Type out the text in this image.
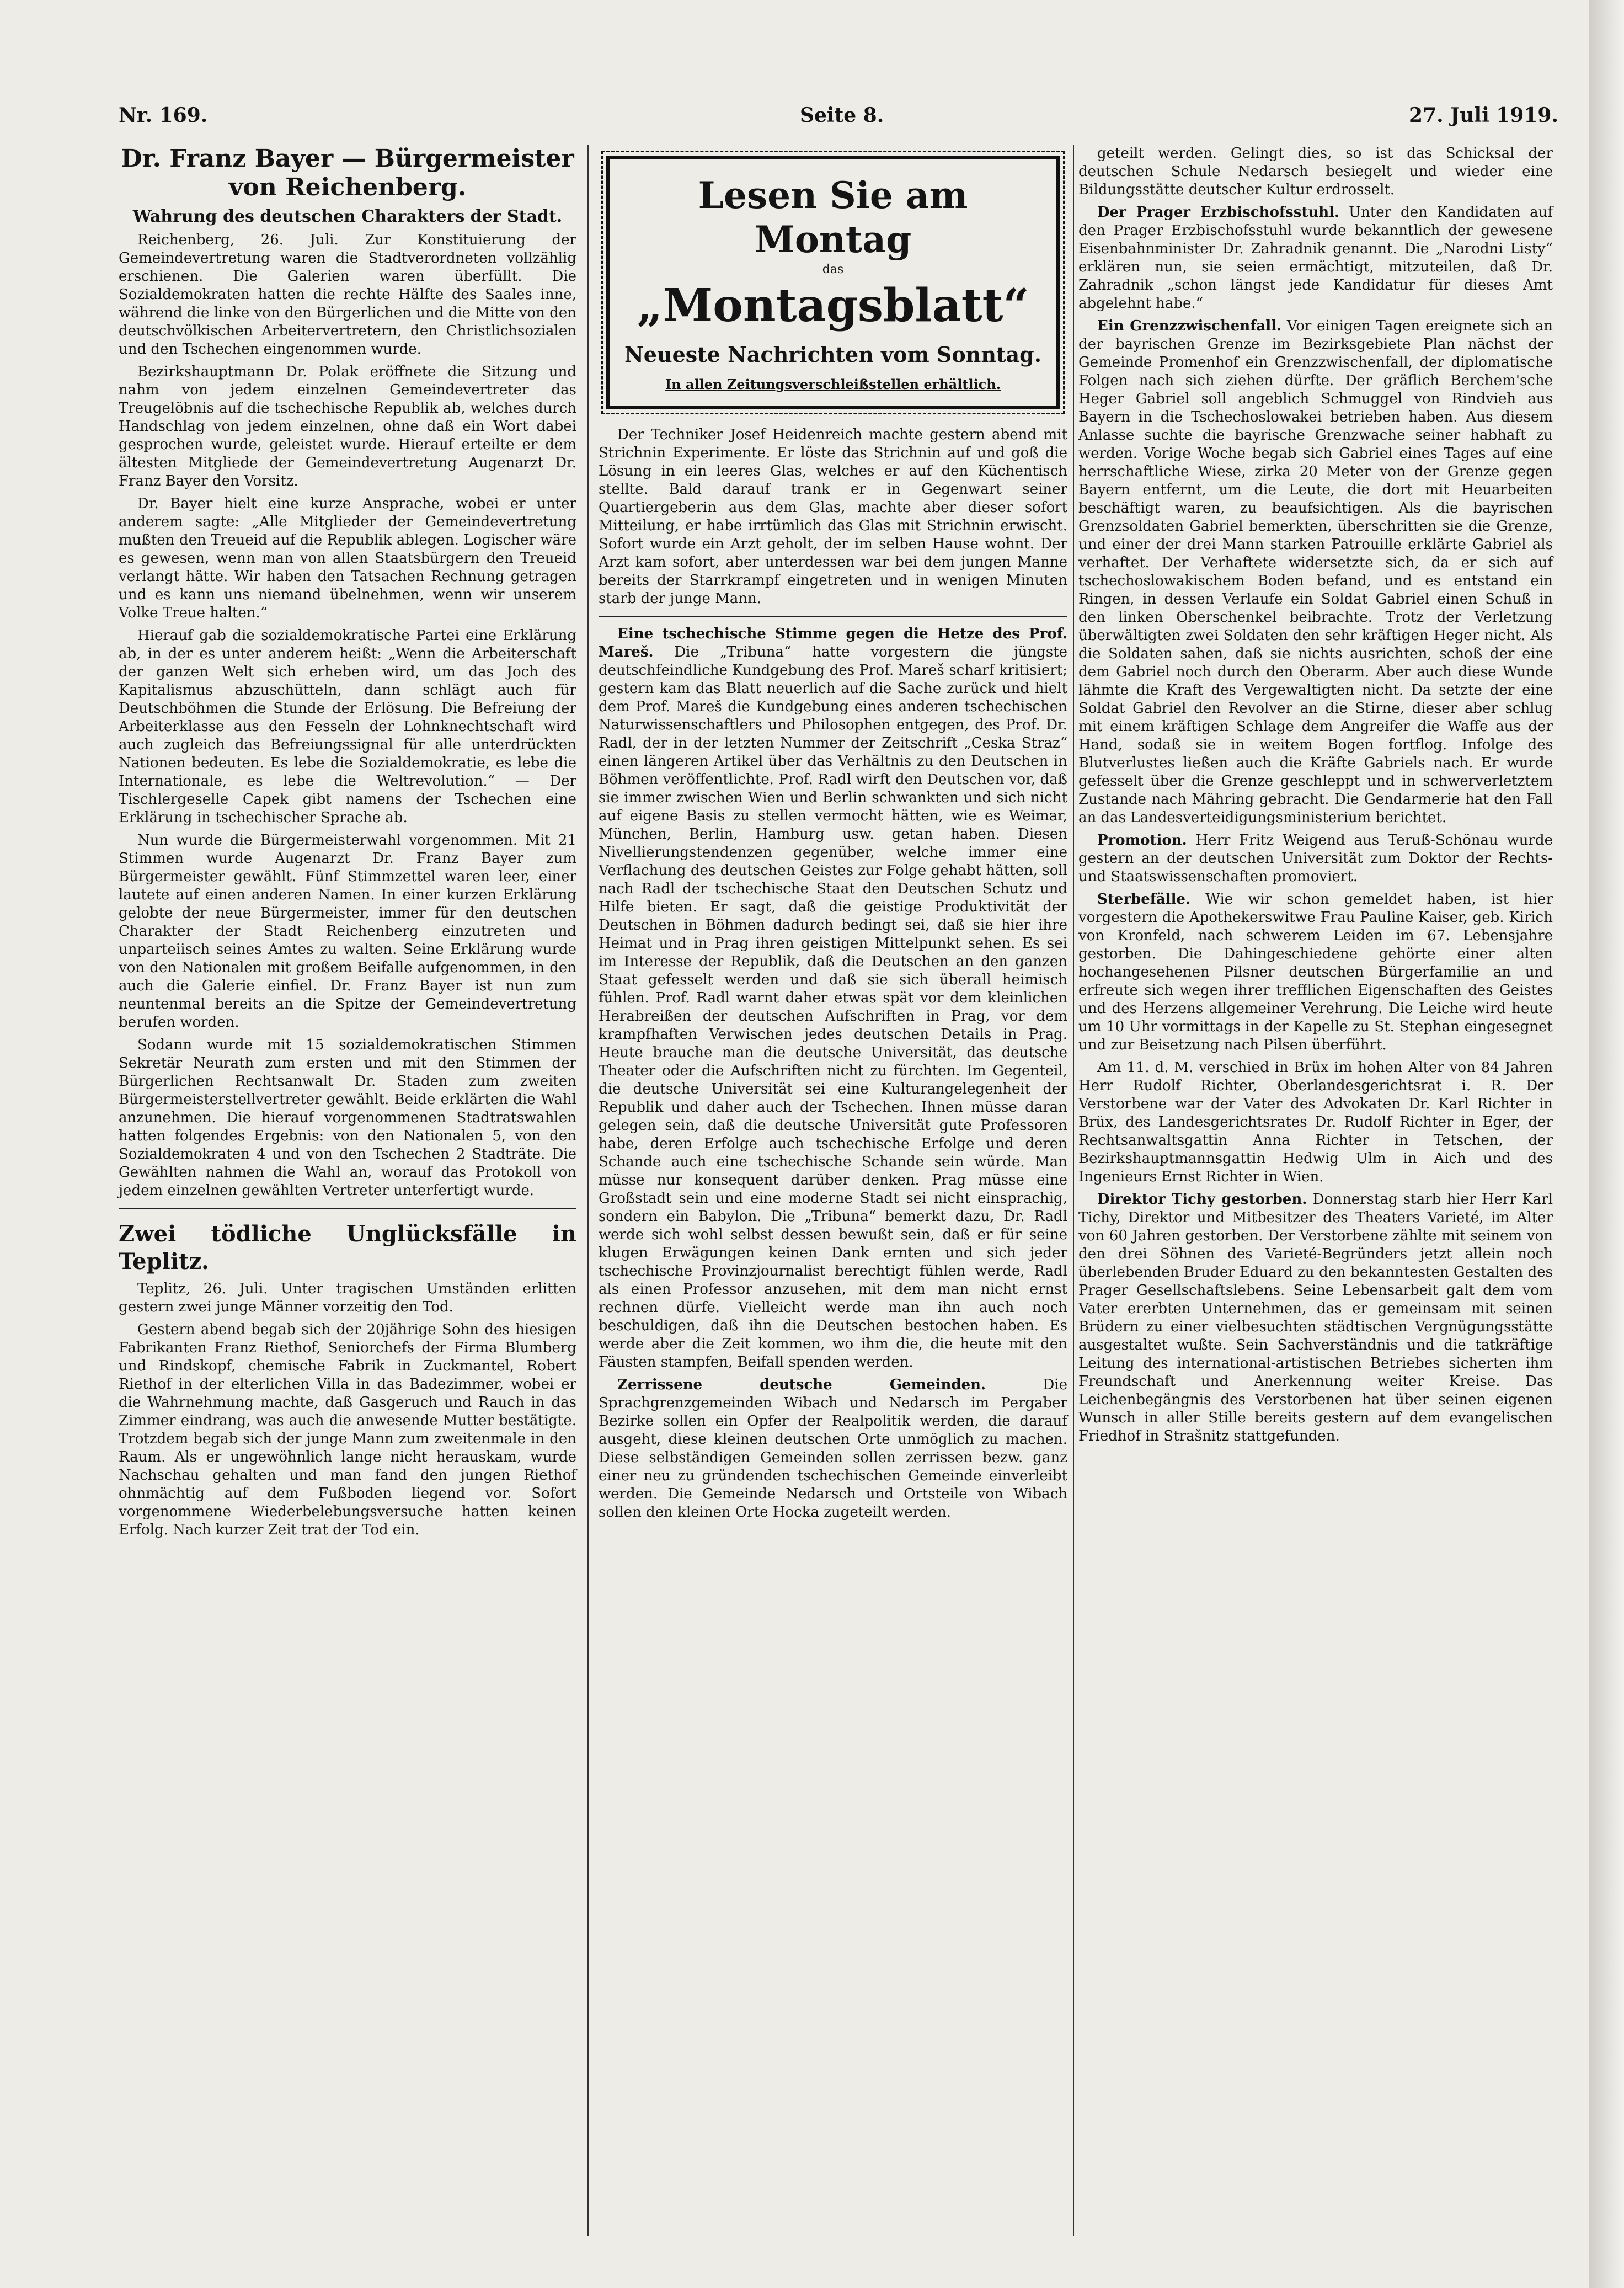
Nr. 169.	Seite 8.	27. Juli 1919.
Dr. Franz Bayer — Bürgermeister von Reichenberg.
Wahrung des deutschen Charakters der Stadt.

Reichenberg, 26. Juli. Zur Konstituierung der Gemeindevertretung waren die Stadtverordneten vollzählig erschienen. Die Galerien waren überfüllt. Die Sozialdemokraten hatten die rechte Hälfte des Saales inne, während die linke von den Bürgerlichen und die Mitte von den deutschvölkischen Arbeitervertretern, den Christlichsozialen und den Tschechen eingenommen wurde.

Bezirkshauptmann Dr. Polak eröffnete die Sitzung und nahm von jedem einzelnen Gemeindevertreter das Treugelöbnis auf die tschechische Republik ab, welches durch Handschlag von jedem einzelnen, ohne daß ein Wort dabei gesprochen wurde, geleistet wurde. Hierauf erteilte er dem ältesten Mitgliede der Gemeindevertretung Augenarzt Dr. Franz Bayer den Vorsitz.

Dr. Bayer hielt eine kurze Ansprache, wobei er unter anderem sagte: „Alle Mitglieder der Gemeindevertretung mußten den Treueid auf die Republik ablegen. Logischer wäre es gewesen, wenn man von allen Staatsbürgern den Treueid verlangt hätte. Wir haben den Tatsachen Rechnung getragen und es kann uns niemand übelnehmen, wenn wir unserem Volke Treue halten.“

Hierauf gab die sozialdemokratische Partei eine Erklärung ab, in der es unter anderem heißt: „Wenn die Arbeiterschaft der ganzen Welt sich erheben wird, um das Joch des Kapitalismus abzuschütteln, dann schlägt auch für Deutschböhmen die Stunde der Erlösung. Die Befreiung der Arbeiterklasse aus den Fesseln der Lohnknechtschaft wird auch zugleich das Befreiungssignal für alle unterdrückten Nationen bedeuten. Es lebe die Sozialdemokratie, es lebe die Internationale, es lebe die Weltrevolution.“ — Der Tischlergeselle Capek gibt namens der Tschechen eine Erklärung in tschechischer Sprache ab.

Nun wurde die Bürgermeisterwahl vorgenommen. Mit 21 Stimmen wurde Augenarzt Dr. Franz Bayer zum Bürgermeister gewählt. Fünf Stimmzettel waren leer, einer lautete auf einen anderen Namen. In einer kurzen Erklärung gelobte der neue Bürgermeister, immer für den deutschen Charakter der Stadt Reichenberg einzutreten und unparteiisch seines Amtes zu walten. Seine Erklärung wurde von den Nationalen mit großem Beifalle aufgenommen, in den auch die Galerie einfiel. Dr. Franz Bayer ist nun zum neuntenmal bereits an die Spitze der Gemeindevertretung berufen worden.

Sodann wurde mit 15 sozialdemokratischen Stimmen Sekretär Neurath zum ersten und mit den Stimmen der Bürgerlichen Rechtsanwalt Dr. Staden zum zweiten Bürgermeisterstellvertreter gewählt. Beide erklärten die Wahl anzunehmen. Die hierauf vorgenommenen Stadtratswahlen hatten folgendes Ergebnis: von den Nationalen 5, von den Sozialdemokraten 4 und von den Tschechen 2 Stadträte. Die Gewählten nahmen die Wahl an, worauf das Protokoll von jedem einzelnen gewählten Vertreter unterfertigt wurde.

Zwei tödliche Unglücksfälle in Teplitz.

Teplitz, 26. Juli. Unter tragischen Umständen erlitten gestern zwei junge Männer vorzeitig den Tod.

Gestern abend begab sich der 20jährige Sohn des hiesigen Fabrikanten Franz Riethof, Seniorchefs der Firma Blumberg und Rindskopf, chemische Fabrik in Zuckmantel, Robert Riethof in der elterlichen Villa in das Badezimmer, wobei er die Wahrnehmung machte, daß Gasgeruch und Rauch in das Zimmer eindrang, was auch die anwesende Mutter bestätigte. Trotzdem begab sich der junge Mann zum zweitenmale in den Raum. Als er ungewöhnlich lange nicht herauskam, wurde Nachschau gehalten und man fand den jungen Riethof ohnmächtig auf dem Fußboden liegend vor. Sofort vorgenommene Wiederbelebungsversuche hatten keinen Erfolg. Nach kurzer Zeit trat der Tod ein.

Lesen Sie am Montag
das
„Montagsblatt“
Neueste Nachrichten vom Sonntag.
In allen Zeitungsverschleißstellen erhältlich.

Der Techniker Josef Heidenreich machte gestern abend mit Strichnin Experimente. Er löste das Strichnin auf und goß die Lösung in ein leeres Glas, welches er auf den Küchentisch stellte. Bald darauf trank er in Gegenwart seiner Quartiergeberin aus dem Glas, machte aber dieser sofort Mitteilung, er habe irrtümlich das Glas mit Strichnin erwischt. Sofort wurde ein Arzt geholt, der im selben Hause wohnt. Der Arzt kam sofort, aber unterdessen war bei dem jungen Manne bereits der Starrkrampf eingetreten und in wenigen Minuten starb der junge Mann.

Eine tschechische Stimme gegen die Hetze des Prof. Mareš. Die „Tribuna“ hatte vorgestern die jüngste deutschfeindliche Kundgebung des Prof. Mareš scharf kritisiert; gestern kam das Blatt neuerlich auf die Sache zurück und hielt dem Prof. Mareš die Kundgebung eines anderen tschechischen Naturwissenschaftlers und Philosophen entgegen, des Prof. Dr. Radl, der in der letzten Nummer der Zeitschrift „Ceska Straz“ einen längeren Artikel über das Verhältnis zu den Deutschen in Böhmen veröffentlichte. Prof. Radl wirft den Deutschen vor, daß sie immer zwischen Wien und Berlin schwankten und sich nicht auf eigene Basis zu stellen vermocht hätten, wie es Weimar, München, Berlin, Hamburg usw. getan haben. Diesen Nivellierungstendenzen gegenüber, welche immer eine Verflachung des deutschen Geistes zur Folge gehabt hätten, soll nach Radl der tschechische Staat den Deutschen Schutz und Hilfe bieten. Er sagt, daß die geistige Produktivität der Deutschen in Böhmen dadurch bedingt sei, daß sie hier ihre Heimat und in Prag ihren geistigen Mittelpunkt sehen. Es sei im Interesse der Republik, daß die Deutschen an den ganzen Staat gefesselt werden und daß sie sich überall heimisch fühlen. Prof. Radl warnt daher etwas spät vor dem kleinlichen Herabreißen der deutschen Aufschriften in Prag, vor dem krampfhaften Verwischen jedes deutschen Details in Prag. Heute brauche man die deutsche Universität, das deutsche Theater oder die Aufschriften nicht zu fürchten. Im Gegenteil, die deutsche Universität sei eine Kulturangelegenheit der Republik und daher auch der Tschechen. Ihnen müsse daran gelegen sein, daß die deutsche Universität gute Professoren habe, deren Erfolge auch tschechische Erfolge und deren Schande auch eine tschechische Schande sein würde. Man müsse nur konsequent darüber denken. Prag müsse eine Großstadt sein und eine moderne Stadt sei nicht einsprachig, sondern ein Babylon. Die „Tribuna“ bemerkt dazu, Dr. Radl werde sich wohl selbst dessen bewußt sein, daß er für seine klugen Erwägungen keinen Dank ernten und sich jeder tschechische Provinzjournalist berechtigt fühlen werde, Radl als einen Professor anzusehen, mit dem man nicht ernst rechnen dürfe. Vielleicht werde man ihn auch noch beschuldigen, daß ihn die Deutschen bestochen haben. Es werde aber die Zeit kommen, wo ihm die, die heute mit den Fäusten stampfen, Beifall spenden werden.

Zerrissene deutsche Gemeinden.	Die Sprachgrenzgemeinden Wibach und Nedarsch im Pergaber Bezirke sollen ein Opfer der Realpolitik werden, die darauf ausgeht, diese kleinen deutschen Orte unmöglich zu machen. Diese selbständigen Gemeinden sollen zerrissen bezw. ganz einer neu zu gründenden tschechischen Gemeinde einverleibt werden. Die Gemeinde Nedarsch und Ortsteile von Wibach sollen den kleinen Orte Hocka zugeteilt werden.

geteilt werden. Gelingt dies, so ist das Schicksal der deutschen Schule Nedarsch besiegelt und wieder eine Bildungsstätte deutscher Kultur erdrosselt.

Der Prager Erzbischofsstuhl. Unter den Kandidaten auf den Prager Erzbischofsstuhl wurde bekanntlich der gewesene Eisenbahnminister Dr. Zahradnik genannt. Die „Narodni Listy“ erklären nun, sie seien ermächtigt, mitzuteilen, daß Dr. Zahradnik „schon längst jede Kandidatur für dieses Amt abgelehnt habe.“

Ein Grenzzwischenfall. Vor einigen Tagen ereignete sich an der bayrischen Grenze im Bezirksgebiete Plan nächst der Gemeinde Promenhof ein Grenzzwischenfall, der diplomatische Folgen nach sich ziehen dürfte. Der gräflich Berchem'sche Heger Gabriel soll angeblich Schmuggel von Rindvieh aus Bayern in die Tschechoslowakei betrieben haben. Aus diesem Anlasse suchte die bayrische Grenzwache seiner habhaft zu werden. Vorige Woche begab sich Gabriel eines Tages auf eine herrschaftliche Wiese, zirka 20 Meter von der Grenze gegen Bayern entfernt, um die Leute, die dort mit Heuarbeiten beschäftigt waren, zu beaufsichtigen. Als die bayrischen Grenzsoldaten Gabriel bemerkten, überschritten sie die Grenze, und einer der drei Mann starken Patrouille erklärte Gabriel als verhaftet. Der Verhaftete widersetzte sich, da er sich auf tschechoslowakischem Boden befand, und es entstand ein Ringen, in dessen Verlaufe ein Soldat Gabriel einen Schuß in den linken Oberschenkel beibrachte. Trotz der Verletzung überwältigten zwei Soldaten den sehr kräftigen Heger nicht. Als die Soldaten sahen, daß sie nichts ausrichten, schoß der eine dem Gabriel noch durch den Oberarm. Aber auch diese Wunde lähmte die Kraft des Vergewaltigten nicht. Da setzte der eine Soldat Gabriel den Revolver an die Stirne, dieser aber schlug mit einem kräftigen Schlage dem Angreifer die Waffe aus der Hand, sodaß sie in weitem Bogen fortflog. Infolge des Blutverlustes ließen auch die Kräfte Gabriels nach. Er wurde gefesselt über die Grenze geschleppt und in schwerverletztem Zustande nach Mähring gebracht. Die Gendarmerie hat den Fall an das Landesverteidigungsministerium berichtet.

Promotion. Herr Fritz Weigend aus Teruß-Schönau wurde gestern an der deutschen Universität zum Doktor der Rechts- und Staatswissenschaften promoviert.

Sterbefälle. Wie wir schon gemeldet haben, ist hier vorgestern die Apothekerswitwe Frau Pauline Kaiser, geb. Kirich von Kronfeld, nach schwerem Leiden im 67. Lebensjahre gestorben. Die Dahingeschiedene gehörte einer alten hochangesehenen Pilsner deutschen Bürgerfamilie an und erfreute sich wegen ihrer trefflichen Eigenschaften des Geistes und des Herzens allgemeiner Verehrung. Die Leiche wird heute um 10 Uhr vormittags in der Kapelle zu St. Stephan eingesegnet und zur Beisetzung nach Pilsen überführt.

Am 11. d. M. verschied in Brüx im hohen Alter von 84 Jahren Herr Rudolf Richter, Oberlandesgerichtsrat i. R. Der Verstorbene war der Vater des Advokaten Dr. Karl Richter in Brüx, des Landesgerichtsrates Dr. Rudolf Richter in Eger, der Rechtsanwaltsgattin Anna Richter in Tetschen, der Bezirkshauptmannsgattin Hedwig Ulm in Aich und des Ingenieurs Ernst Richter in Wien.

Direktor Tichy gestorben. Donnerstag starb hier Herr Karl Tichy, Direktor und Mitbesitzer des Theaters Varieté, im Alter von 60 Jahren gestorben. Der Verstorbene zählte mit seinem von den drei Söhnen des Varieté-Begründers jetzt allein noch überlebenden Bruder Eduard zu den bekanntesten Gestalten des Prager Gesellschaftslebens. Seine Lebensarbeit galt dem vom Vater ererbten Unternehmen, das er gemeinsam mit seinen Brüdern zu einer vielbesuchten städtischen Vergnügungsstätte ausgestaltet wußte. Sein Sachverständnis und die tatkräftige Leitung des international-artistischen Betriebes sicherten ihm Freundschaft und Anerkennung weiter Kreise. Das Leichenbegängnis des Verstorbenen hat über seinen eigenen Wunsch in aller Stille bereits gestern auf dem evangelischen Friedhof in Strašnitz stattgefunden.
